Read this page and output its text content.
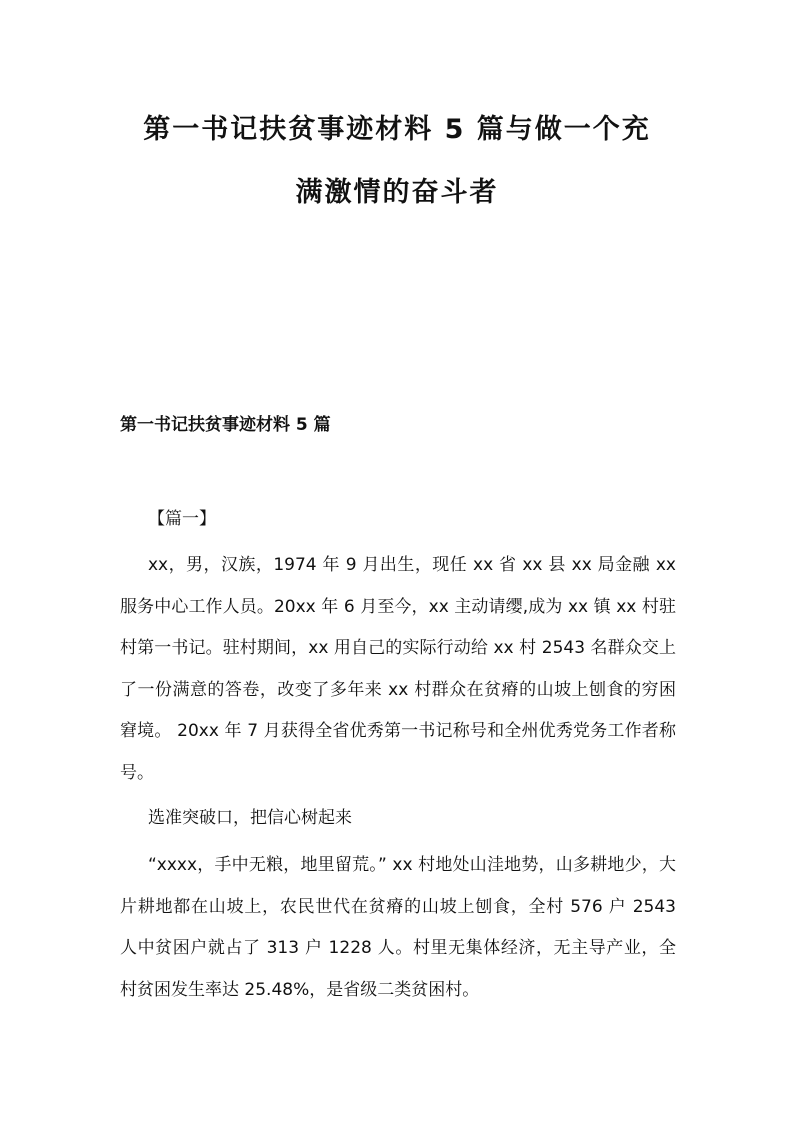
第一书记扶贫事迹材料 5 篇与做一个充
满激情的奋斗者
第一书记扶贫事迹材料 5 篇

【篇一】

xx，男，汉族，1974 年 9 月出生，现任 xx 省 xx 县 xx 局金融 xx 服务中心工作人员。20xx 年 6 月至今，xx 主动请缨,成为 xx 镇 xx 村驻村第一书记。驻村期间，xx 用自己的实际行动给 xx 村 2543 名群众交上了一份满意的答卷，改变了多年来 xx 村群众在贫瘠的山坡上刨食的穷困窘境。 20xx 年 7 月获得全省优秀第一书记称号和全州优秀党务工作者称号。

选准突破口，把信心树起来

“xxxx，手中无粮，地里留荒。” xx 村地处山洼地势，山多耕地少，大片耕地都在山坡上，农民世代在贫瘠的山坡上刨食，全村 576 户 2543 人中贫困户就占了 313 户 1228 人。村里无集体经济，无主导产业，全村贫困发生率达 25.48%，是省级二类贫困村。
